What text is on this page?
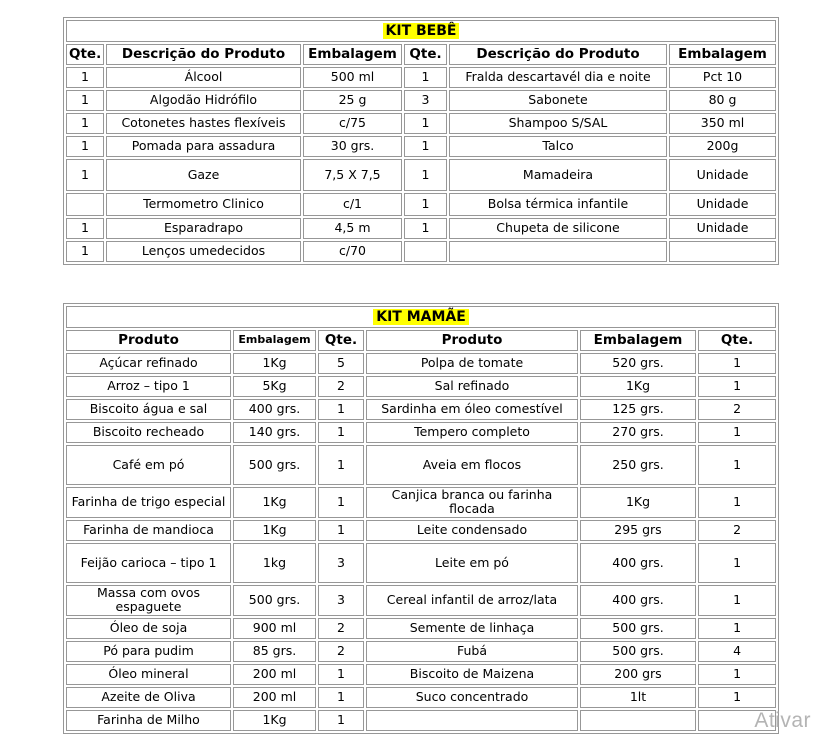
KIT BEBÊ					
Qte.	Descrição do Produto	Embalagem	Qte.	Descrição do Produto	Embalagem
1	Álcool	500 ml	1	Fralda descartavél dia e noite	Pct 10
1	Algodão Hidrófilo	25 g	3	Sabonete	80 g
1	Cotonetes hastes flexíveis	c/75	1	Shampoo S/SAL	350 ml
1	Pomada para assadura	30 grs.	1	Talco	200g
1	Gaze	7,5 X 7,5	1	Mamadeira	Unidade
	Termometro Clinico	c/1	1	Bolsa térmica infantile	Unidade
1	Esparadrapo	4,5 m	1	Chupeta de silicone	Unidade
1	Lenços umedecidos	c/70			
KIT MAMÃE					
Produto	Embalagem	Qte.	Produto	Embalagem	Qte.
Açúcar refinado	1Kg	5	Polpa de tomate	520 grs.	1
Arroz – tipo 1	5Kg	2	Sal refinado	1Kg	1
Biscoito água e sal	400 grs.	1	Sardinha em óleo comestível	125 grs.	2
Biscoito recheado	140 grs.	1	Tempero completo	270 grs.	1
Café em pó	500 grs.	1	Aveia em flocos	250 grs.	1
Farinha de trigo especial	1Kg	1	Canjica branca ou farinha flocada	1Kg	1
Farinha de mandioca	1Kg	1	Leite condensado	295 grs	2
Feijão carioca – tipo 1	1kg	3	Leite em pó	400 grs.	1
Massa com ovos espaguete	500 grs.	3	Cereal infantil de arroz/lata	400 grs.	1
Óleo de soja	900 ml	2	Semente de linhaça	500 grs.	1
Pó para pudim	85 grs.	2	Fubá	500 grs.	4
Óleo mineral	200 ml	1	Biscoito de Maizena	200 grs	1
Azeite de Oliva	200 ml	1	Suco concentrado	1lt	1
Farinha de Milho	1Kg	1				Ativar
